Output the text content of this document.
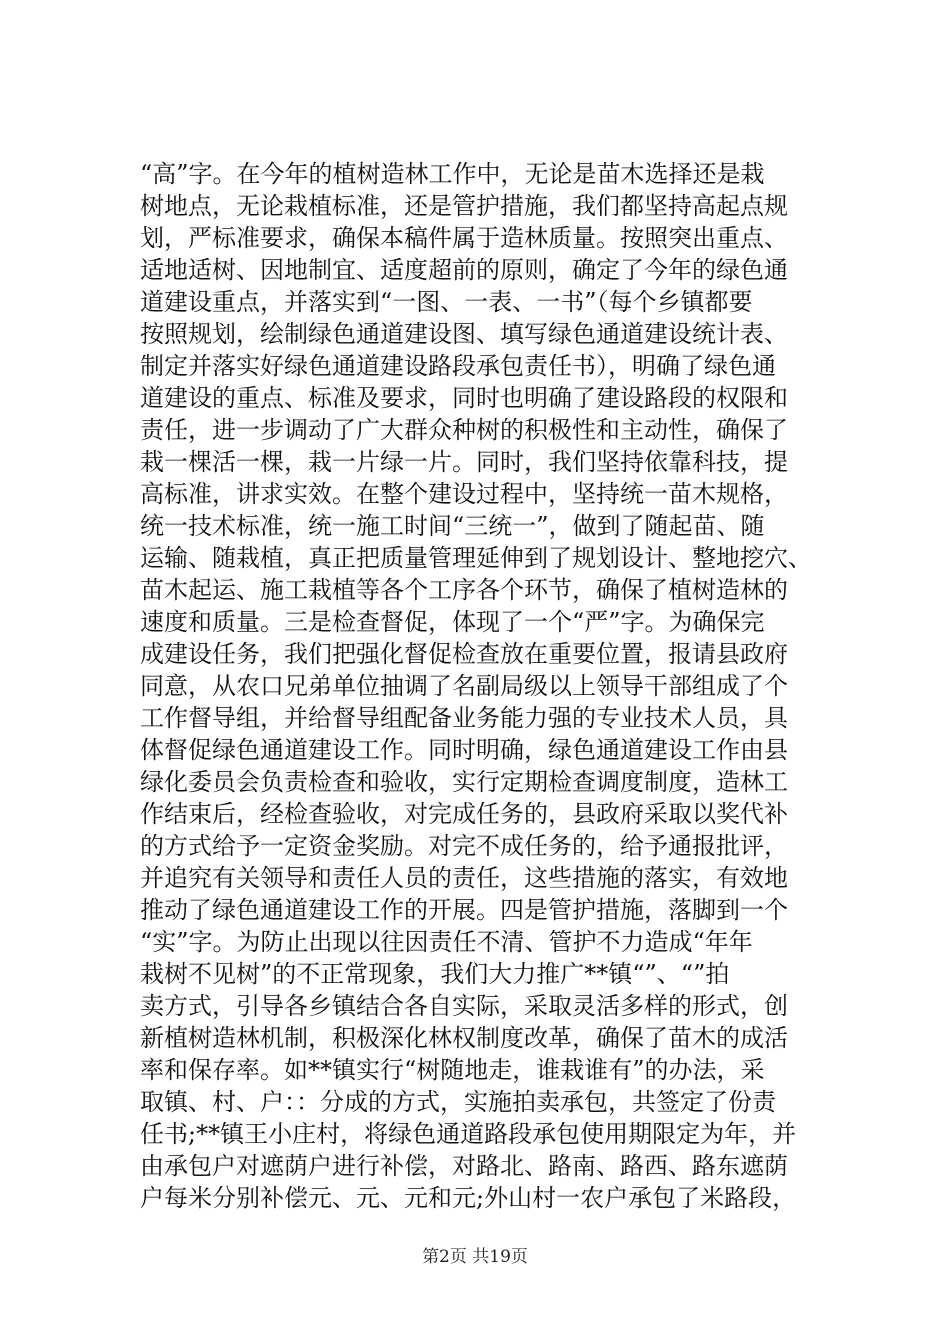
“高”字。在今年的植树造林工作中，无论是苗木选择还是栽
树地点，无论栽植标准，还是管护措施，我们都坚持高起点规
划，严标准要求，确保本稿件属于造林质量。按照突出重点、
适地适树、因地制宜、适度超前的原则，确定了今年的绿色通
道建设重点，并落实到“一图、一表、一书”（每个乡镇都要
按照规划，绘制绿色通道建设图、填写绿色通道建设统计表、
制定并落实好绿色通道建设路段承包责任书），明确了绿色通
道建设的重点、标准及要求，同时也明确了建设路段的权限和
责任，进一步调动了广大群众种树的积极性和主动性，确保了
栽一棵活一棵，栽一片绿一片。同时，我们坚持依靠科技，提
高标准，讲求实效。在整个建设过程中，坚持统一苗木规格，
统一技术标准，统一施工时间“三统一”，做到了随起苗、随
运输、随栽植，真正把质量管理延伸到了规划设计、整地挖穴、
苗木起运、施工栽植等各个工序各个环节，确保了植树造林的
速度和质量。三是检查督促，体现了一个“严”字。为确保完
成建设任务，我们把强化督促检查放在重要位置，报请县政府
同意，从农口兄弟单位抽调了名副局级以上领导干部组成了个
工作督导组，并给督导组配备业务能力强的专业技术人员，具
体督促绿色通道建设工作。同时明确，绿色通道建设工作由县
绿化委员会负责检查和验收，实行定期检查调度制度，造林工
作结束后，经检查验收，对完成任务的，县政府采取以奖代补
的方式给予一定资金奖励。对完不成任务的，给予通报批评，
并追究有关领导和责任人员的责任，这些措施的落实，有效地
推动了绿色通道建设工作的开展。四是管护措施，落脚到一个
“实”字。为防止出现以往因责任不清、管护不力造成“年年
栽树不见树”的不正常现象，我们大力推广**镇“”、“”拍
卖方式，引导各乡镇结合各自实际，采取灵活多样的形式，创
新植树造林机制，积极深化林权制度改革，确保了苗木的成活
率和保存率。如**镇实行“树随地走，谁栽谁有”的办法，采
取镇、村、户：：分成的方式，实施拍卖承包，共签定了份责
任书;**镇王小庄村，将绿色通道路段承包使用期限定为年，并
由承包户对遮荫户进行补偿，对路北、路南、路西、路东遮荫
户每米分别补偿元、元、元和元;外山村一农户承包了米路段，
第2页 共19页
